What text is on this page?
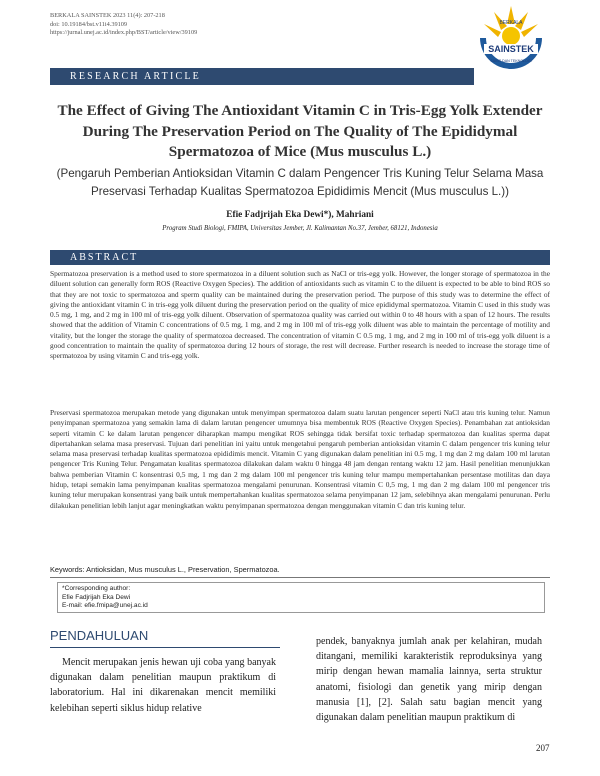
BERKALA SAINSTEK 2023 11(4): 207-218
doi: 10.19184/bst.v11i4.39109
https://jurnal.unej.ac.id/index.php/BST/article/view/39109
BERKALA
SAINSTEK
SAINS DAN TEKNOLOGI
RESEARCH ARTICLE
The Effect of Giving The Antioxidant Vitamin C in Tris-Egg Yolk Extender During The Preservation Period on The Quality of The Epididymal Spermatozoa of Mice (Mus musculus L.)
(Pengaruh Pemberian Antioksidan Vitamin C dalam Pengencer Tris Kuning Telur Selama Masa Preservasi Terhadap Kualitas Spermatozoa Epididimis Mencit (Mus musculus L.))
Efie Fadjrijah Eka Dewi*), Mahriani
Program Studi Biologi, FMIPA, Universitas Jember, Jl. Kalimantan No.37, Jember, 68121, Indonesia
ABSTRACT

Spermatozoa preservation is a method used to store spermatozoa in a diluent solution such as NaCl or tris-egg yolk. However, the longer storage of spermatozoa in the diluent solution can generally form ROS (Reactive Oxygen Species). The addition of antioxidants such as vitamin C to the diluent is expected to be able to bind ROS so that they are not toxic to spermatozoa and sperm quality can be maintained during the preservation period. The purpose of this study was to determine the effect of giving the antioxidant vitamin C in tris-egg yolk diluent during the preservation period on the quality of mice epididymal spermatozoa. Vitamin C used in this study was 0.5 mg, 1 mg, and 2 mg in 100 ml of tris-egg yolk diluent. Observation of spermatozoa quality was carried out within 0 to 48 hours with a span of 12 hours. The results showed that the addition of Vitamin C concentrations of 0.5 mg, 1 mg, and 2 mg in 100 ml of tris-egg yolk diluent was able to maintain the percentage of motility and vitality, but the longer the storage the quality of spermatozoa decreased. The concentration of vitamin C 0.5 mg, 1 mg, and 2 mg in 100 ml of tris-egg yolk diluent is a good concentration to maintain the quality of spermatozoa during 12 hours of storage, the rest will decrease. Further research is needed to increase the storage time of spermatozoa by using vitamin C and tris-egg yolk.

Preservasi spermatozoa merupakan metode yang digunakan untuk menyimpan spermatozoa dalam suatu larutan pengencer seperti NaCl atau tris kuning telur. Namun penyimpanan spermatozoa yang semakin lama di dalam larutan pengencer umumnya bisa membentuk ROS (Reactive Oxygen Species). Penambahan zat antioksidan seperti vitamin C ke dalam larutan pengencer diharapkan mampu mengikat ROS sehingga tidak bersifat toxic terhadap spermatozoa dan kualitas sperma dapat dipertahankan selama masa preservasi. Tujuan dari penelitian ini yaitu untuk mengetahui pengaruh pemberian antioksidan vitamin C dalam pengencer tris kuning telur selama masa preservasi terhadap kualitas spermatozoa epididimis mencit. Vitamin C yang digunakan dalam penelitian ini 0.5 mg, 1 mg dan 2 mg dalam 100 ml larutan pengencer Tris Kuning Telur. Pengamatan kualitas spermatozoa dilakukan dalam waktu 0 hingga 48 jam dengan rentang waktu 12 jam. Hasil penelitian menunjukkan bahwa pemberian Vitamin C konsentrasi 0,5 mg, 1 mg dan 2 mg dalam 100 ml pengencer tris kuning telur mampu mempertahankan persentase motilitas dan daya hidup, tetapi semakin lama penyimpanan kualitas spermatozoa mengalami penurunan. Konsentrasi vitamin C 0,5 mg, 1 mg dan 2 mg dalam 100 ml pengencer tris kuning telur merupakan konsentrasi yang baik untuk mempertahankan kualitas spermatozoa selama penyimpanan 12 jam, selebihnya akan mengalami penurunan. Perlu dilakukan penelitian lebih lanjut agar meningkatkan waktu penyimpanan spermatozoa dengan menggunakan vitamin C dan tris kuning telur.

Keywords: Antioksidan, Mus musculus L., Preservation, Spermatozoa.
*Corresponding author:
Efie Fadjrijah Eka Dewi
E-mail: efie.fmipa@unej.ac.id
PENDAHULUAN

Mencit merupakan jenis hewan uji coba yang banyak digunakan dalam penelitian maupun praktikum di laboratorium. Hal ini dikarenakan mencit memiliki kelebihan seperti siklus hidup relative

pendek, banyaknya jumlah anak per kelahiran, mudah ditangani, memiliki karakteristik reproduksinya yang mirip dengan hewan mamalia lainnya, serta struktur anatomi, fisiologi dan genetik yang mirip dengan manusia [1], [2]. Salah satu bagian mencit yang digunakan dalam penelitian maupun praktikum di

207
